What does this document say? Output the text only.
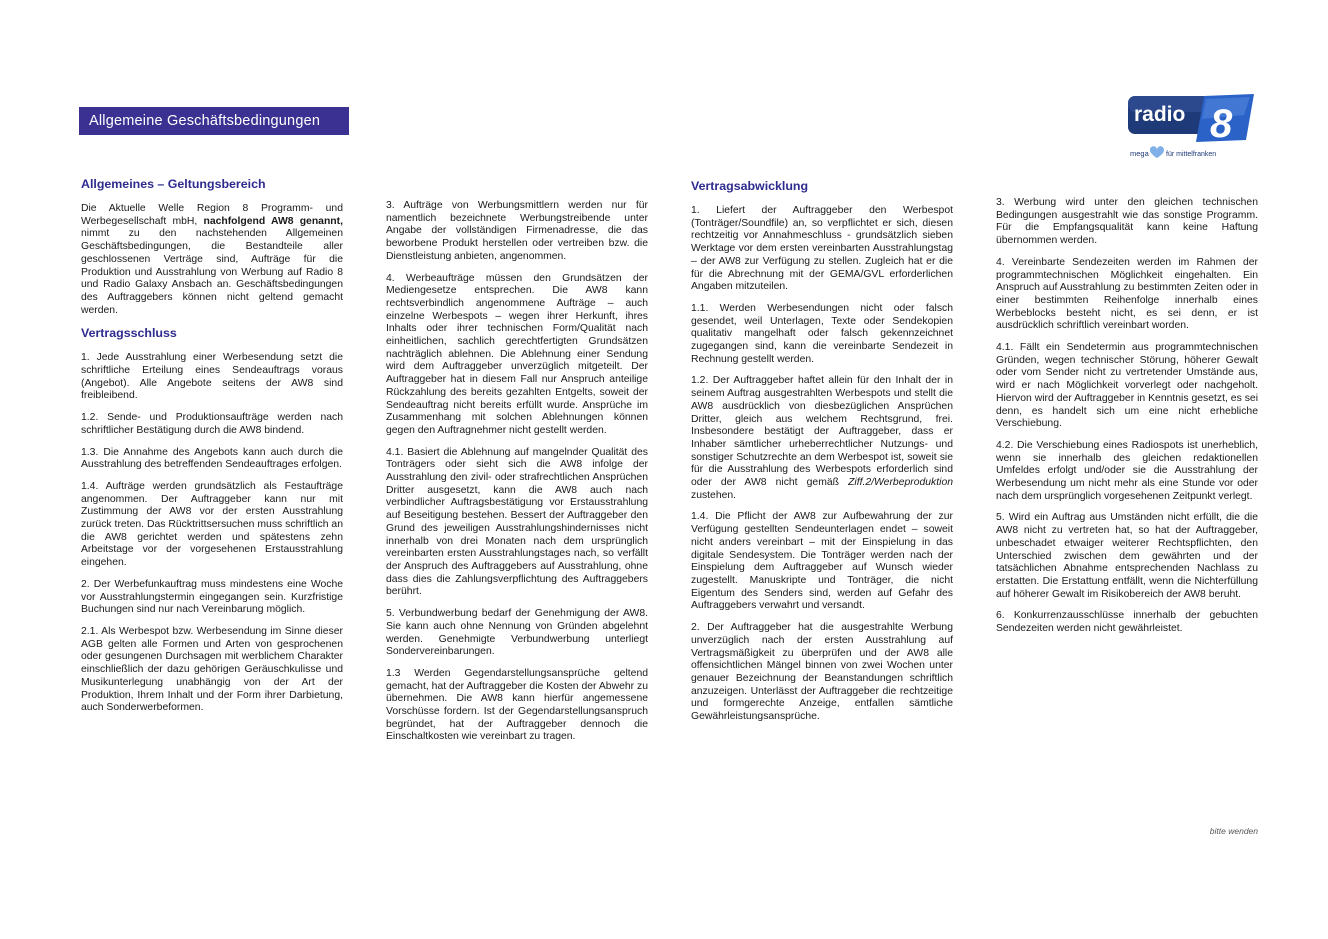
Allgemeine Geschäftsbedingungen	radio 8
mega für mittelfranken
Allgemeines – Geltungsbereich

Die Aktuelle Welle Region 8 Programm- und Werbegesellschaft mbH, nachfolgend AW8 genannt, nimmt zu den nachstehenden Allgemeinen Geschäftsbedingungen, die Bestandteile aller geschlossenen Verträge sind, Aufträge für die Produktion und Ausstrahlung von Werbung auf Radio 8 und Radio Galaxy Ansbach an. Geschäftsbedingungen des Auftraggebers können nicht geltend gemacht werden.

Vertragsschluss

1. Jede Ausstrahlung einer Werbesendung setzt die schriftliche Erteilung eines Sendeauftrags voraus (Angebot). Alle Angebote seitens der AW8 sind freibleibend.

1.2. Sende- und Produktionsaufträge werden nach schriftlicher Bestätigung durch die AW8 bindend.

1.3. Die Annahme des Angebots kann auch durch die Ausstrahlung des betreffenden Sendeauftrages erfolgen.

1.4. Aufträge werden grundsätzlich als Festaufträge angenommen. Der Auftraggeber kann nur mit Zustimmung der AW8 vor der ersten Ausstrahlung zurück treten. Das Rücktrittsersuchen muss schriftlich an die AW8 gerichtet werden und spätestens zehn Arbeitstage vor der vorgesehenen Erstausstrahlung eingehen.

2. Der Werbefunkauftrag muss mindestens eine Woche vor Ausstrahlungstermin eingegangen sein. Kurzfristige Buchungen sind nur nach Vereinbarung möglich.

2.1. Als Werbespot bzw. Werbesendung im Sinne dieser AGB gelten alle Formen und Arten von gesprochenen oder gesungenen Durchsagen mit werblichem Charakter einschließlich der dazu gehörigen Geräuschkulisse und Musikunterlegung unabhängig von der Art der Produktion, Ihrem Inhalt und der Form ihrer Darbietung, auch Sonderwerbeformen.

3. Aufträge von Werbungsmittlern werden nur für namentlich bezeichnete Werbungstreibende unter Angabe der vollständigen Firmenadresse, die das beworbene Produkt herstellen oder vertreiben bzw. die Dienstleistung anbieten, angenommen.

4. Werbeaufträge müssen den Grundsätzen der Mediengesetze entsprechen. Die AW8 kann rechtsverbindlich angenommene Aufträge – auch einzelne Werbespots – wegen ihrer Herkunft, ihres Inhalts oder ihrer technischen Form/Qualität nach einheitlichen, sachlich gerechtfertigten Grundsätzen nachträglich ablehnen. Die Ablehnung einer Sendung wird dem Auftraggeber unverzüglich mitgeteilt. Der Auftraggeber hat in diesem Fall nur Anspruch anteilige Rückzahlung des bereits gezahlten Entgelts, soweit der Sendeauftrag nicht bereits erfüllt wurde. Ansprüche im Zusammenhang mit solchen Ablehnungen können gegen den Auftragnehmer nicht gestellt werden.

4.1. Basiert die Ablehnung auf mangelnder Qualität des Tonträgers oder sieht sich die AW8 infolge der Ausstrahlung den zivil- oder strafrechtlichen Ansprüchen Dritter ausgesetzt, kann die AW8 auch nach verbindlicher Auftragsbestätigung vor Erstausstrahlung auf Beseitigung bestehen. Bessert der Auftraggeber den Grund des jeweiligen Ausstrahlungshindernisses nicht innerhalb von drei Monaten nach dem ursprünglich vereinbarten ersten Ausstrahlungstages nach, so verfällt der Anspruch des Auftraggebers auf Ausstrahlung, ohne dass dies die Zahlungsverpflichtung des Auftraggebers berührt.

5. Verbundwerbung bedarf der Genehmigung der AW8. Sie kann auch ohne Nennung von Gründen abgelehnt werden. Genehmigte Verbundwerbung unterliegt Sondervereinbarungen.

1.3 Werden Gegendarstellungsansprüche geltend gemacht, hat der Auftraggeber die Kosten der Abwehr zu übernehmen. Die AW8 kann hierfür angemessene Vorschüsse fordern. Ist der Gegendarstellungsanspruch begründet, hat der Auftraggeber dennoch die Einschaltkosten wie vereinbart zu tragen.

Vertragsabwicklung

1. Liefert der Auftraggeber den Werbespot (Tonträger/Soundfile) an, so verpflichtet er sich, diesen rechtzeitig vor Annahmeschluss - grundsätzlich sieben Werktage vor dem ersten vereinbarten Ausstrahlungstag – der AW8 zur Verfügung zu stellen. Zugleich hat er die für die Abrechnung mit der GEMA/GVL erforderlichen Angaben mitzuteilen.

1.1. Werden Werbesendungen nicht oder falsch gesendet, weil Unterlagen, Texte oder Sendekopien qualitativ mangelhaft oder falsch gekennzeichnet zugegangen sind, kann die vereinbarte Sendezeit in Rechnung gestellt werden.

1.2. Der Auftraggeber haftet allein für den Inhalt der in seinem Auftrag ausgestrahlten Werbespots und stellt die AW8 ausdrücklich von diesbezüglichen Ansprüchen Dritter, gleich aus welchem Rechtsgrund, frei. Insbesondere bestätigt der Auftraggeber, dass er Inhaber sämtlicher urheberrechtlicher Nutzungs- und sonstiger Schutzrechte an dem Werbespot ist, soweit sie für die Ausstrahlung des Werbespots erforderlich sind oder der AW8 nicht gemäß Ziff.2/Werbeproduktion zustehen.

1.4. Die Pflicht der AW8 zur Aufbewahrung der zur Verfügung gestellten Sendeunterlagen endet – soweit nicht anders vereinbart – mit der Einspielung in das digitale Sendesystem. Die Tonträger werden nach der Einspielung dem Auftraggeber auf Wunsch wieder zugestellt. Manuskripte und Tonträger, die nicht Eigentum des Senders sind, werden auf Gefahr des Auftraggebers verwahrt und versandt.

2. Der Auftraggeber hat die ausgestrahlte Werbung unverzüglich nach der ersten Ausstrahlung auf Vertragsmäßigkeit zu überprüfen und der AW8 alle offensichtlichen Mängel binnen von zwei Wochen unter genauer Bezeichnung der Beanstandungen schriftlich anzuzeigen. Unterlässt der Auftraggeber die rechtzeitige und formgerechte Anzeige, entfallen sämtliche Gewährleistungsansprüche.

3. Werbung wird unter den gleichen technischen Bedingungen ausgestrahlt wie das sonstige Programm. Für die Empfangsqualität kann keine Haftung übernommen werden.

4. Vereinbarte Sendezeiten werden im Rahmen der programmtechnischen Möglichkeit eingehalten. Ein Anspruch auf Ausstrahlung zu bestimmten Zeiten oder in einer bestimmten Reihenfolge innerhalb eines Werbeblocks besteht nicht, es sei denn, er ist ausdrücklich schriftlich vereinbart worden.

4.1. Fällt ein Sendetermin aus programmtechnischen Gründen, wegen technischer Störung, höherer Gewalt oder vom Sender nicht zu vertretender Umstände aus, wird er nach Möglichkeit vorverlegt oder nachgeholt. Hiervon wird der Auftraggeber in Kenntnis gesetzt, es sei denn, es handelt sich um eine nicht erhebliche Verschiebung.

4.2. Die Verschiebung eines Radiospots ist unerheblich, wenn sie innerhalb des gleichen redaktionellen Umfeldes erfolgt und/oder sie die Ausstrahlung der Werbesendung um nicht mehr als eine Stunde vor oder nach dem ursprünglich vorgesehenen Zeitpunkt verlegt.

5. Wird ein Auftrag aus Umständen nicht erfüllt, die die AW8 nicht zu vertreten hat, so hat der Auftraggeber, unbeschadet etwaiger weiterer Rechtspflichten, den Unterschied zwischen dem gewährten und der tatsächlichen Abnahme entsprechenden Nachlass zu erstatten. Die Erstattung entfällt, wenn die Nichterfüllung auf höherer Gewalt im Risikobereich der AW8 beruht.

6. Konkurrenzausschlüsse innerhalb der gebuchten Sendezeiten werden nicht gewährleistet.

bitte wenden
